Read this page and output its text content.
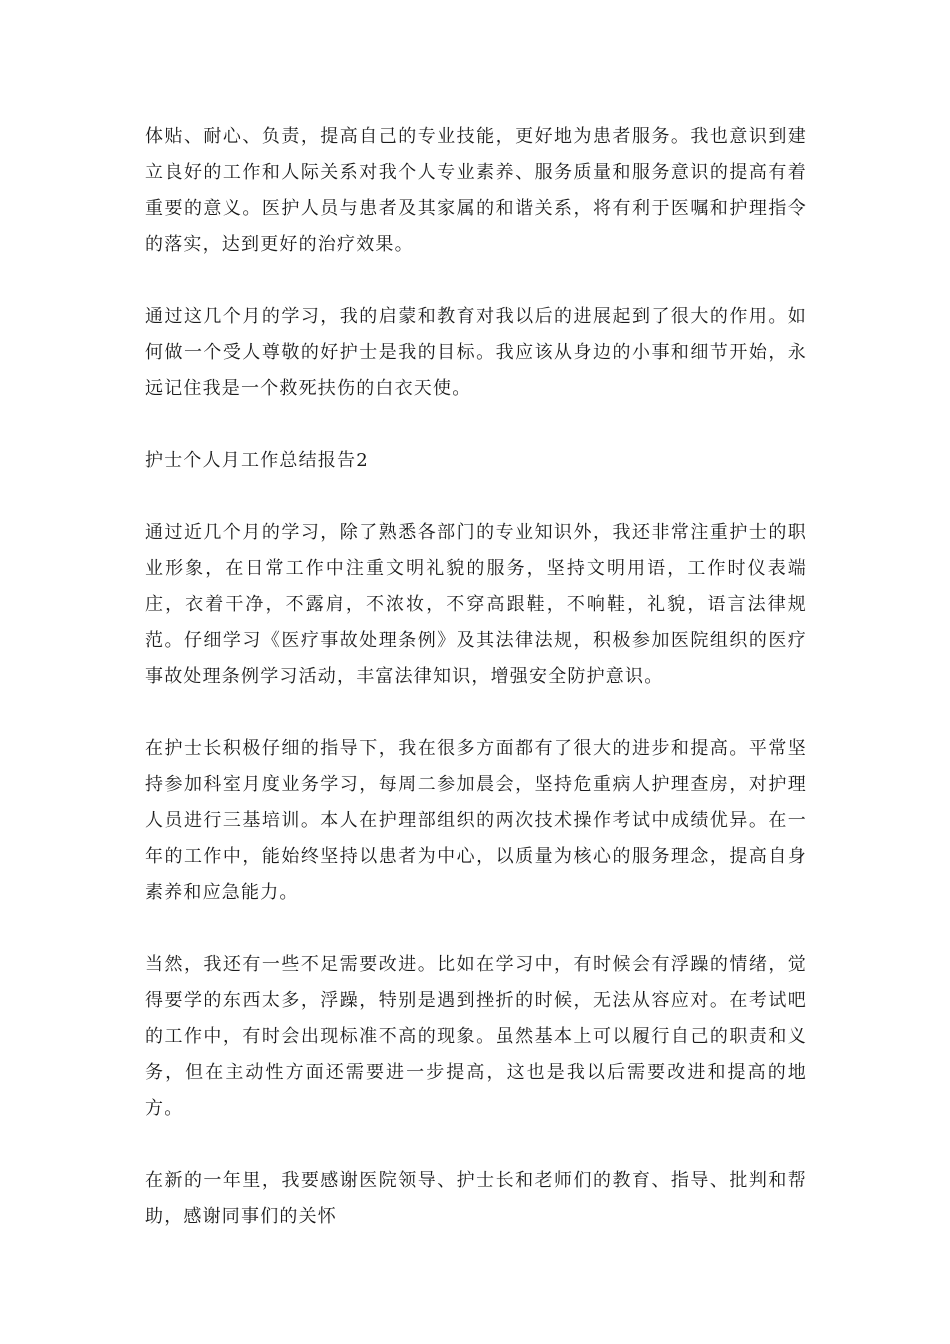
体贴、耐心、负责，提高自己的专业技能，更好地为患者服务。我也意识到建立良好的工作和人际关系对我个人专业素养、服务质量和服务意识的提高有着重要的意义。医护人员与患者及其家属的和谐关系，将有利于医嘱和护理指令的落实，达到更好的治疗效果。

通过这几个月的学习，我的启蒙和教育对我以后的进展起到了很大的作用。如何做一个受人尊敬的好护士是我的目标。我应该从身边的小事和细节开始，永远记住我是一个救死扶伤的白衣天使。

护士个人月工作总结报告2

通过近几个月的学习，除了熟悉各部门的专业知识外，我还非常注重护士的职业形象，在日常工作中注重文明礼貌的服务，坚持文明用语，工作时仪表端庄，衣着干净，不露肩，不浓妆，不穿高跟鞋，不响鞋，礼貌，语言法律规范。仔细学习《医疗事故处理条例》及其法律法规，积极参加医院组织的医疗事故处理条例学习活动，丰富法律知识，增强安全防护意识。

在护士长积极仔细的指导下，我在很多方面都有了很大的进步和提高。平常坚持参加科室月度业务学习，每周二参加晨会，坚持危重病人护理查房，对护理人员进行三基培训。本人在护理部组织的两次技术操作考试中成绩优异。在一年的工作中，能始终坚持以患者为中心，以质量为核心的服务理念，提高自身素养和应急能力。

当然，我还有一些不足需要改进。比如在学习中，有时候会有浮躁的情绪，觉得要学的东西太多，浮躁，特别是遇到挫折的时候，无法从容应对。在考试吧的工作中，有时会出现标准不高的现象。虽然基本上可以履行自己的职责和义务，但在主动性方面还需要进一步提高，这也是我以后需要改进和提高的地方。

在新的一年里，我要感谢医院领导、护士长和老师们的教育、指导、批判和帮助，感谢同事们的关怀
